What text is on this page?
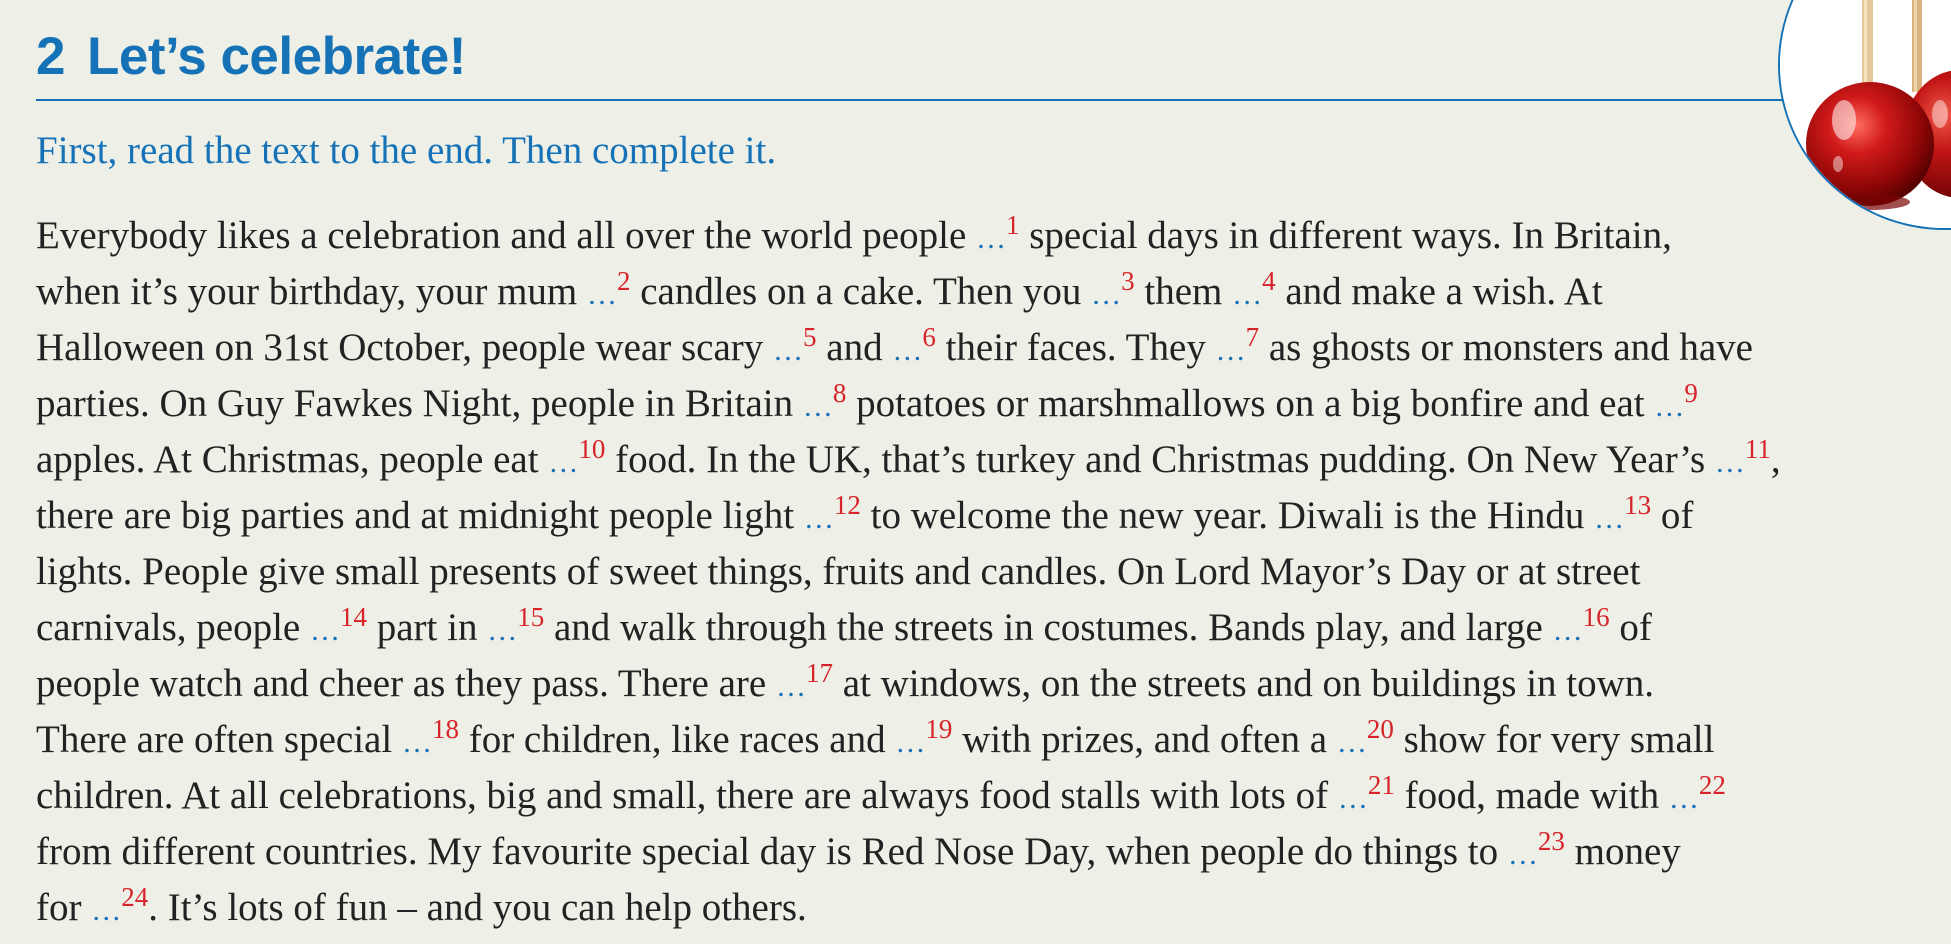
2 Let’s celebrate!
First, read the text to the end. Then complete it.
Everybody likes a celebration and all over the world people …$^1$ special days in different ways. In Britain,
when it’s your birthday, your mum …$^2$ candles on a cake. Then you …$^3$ them …$^4$ and make a wish. At
Halloween on 31st October, people wear scary …$^5$ and …$^6$ their faces. They …$^7$ as ghosts or monsters and have
parties. On Guy Fawkes Night, people in Britain …$^8$ potatoes or marshmallows on a big bonfire and eat …$^9$
apples. At Christmas, people eat …$^{10}$ food. In the UK, that’s turkey and Christmas pudding. On New Year’s …$^{11}$,
there are big parties and at midnight people light …$^{12}$ to welcome the new year. Diwali is the Hindu …$^{13}$ of
lights. People give small presents of sweet things, fruits and candles. On Lord Mayor’s Day or at street
carnivals, people …$^{14}$ part in …$^{15}$ and walk through the streets in costumes. Bands play, and large …$^{16}$ of
people watch and cheer as they pass. There are …$^{17}$ at windows, on the streets and on buildings in town.
There are often special …$^{18}$ for children, like races and …$^{19}$ with prizes, and often a …$^{20}$ show for very small
children. At all celebrations, big and small, there are always food stalls with lots of …$^{21}$ food, made with …$^{22}$
from different countries. My favourite special day is Red Nose Day, when people do things to …$^{23}$ money
for …$^{24}$. It’s lots of fun – and you can help others.
